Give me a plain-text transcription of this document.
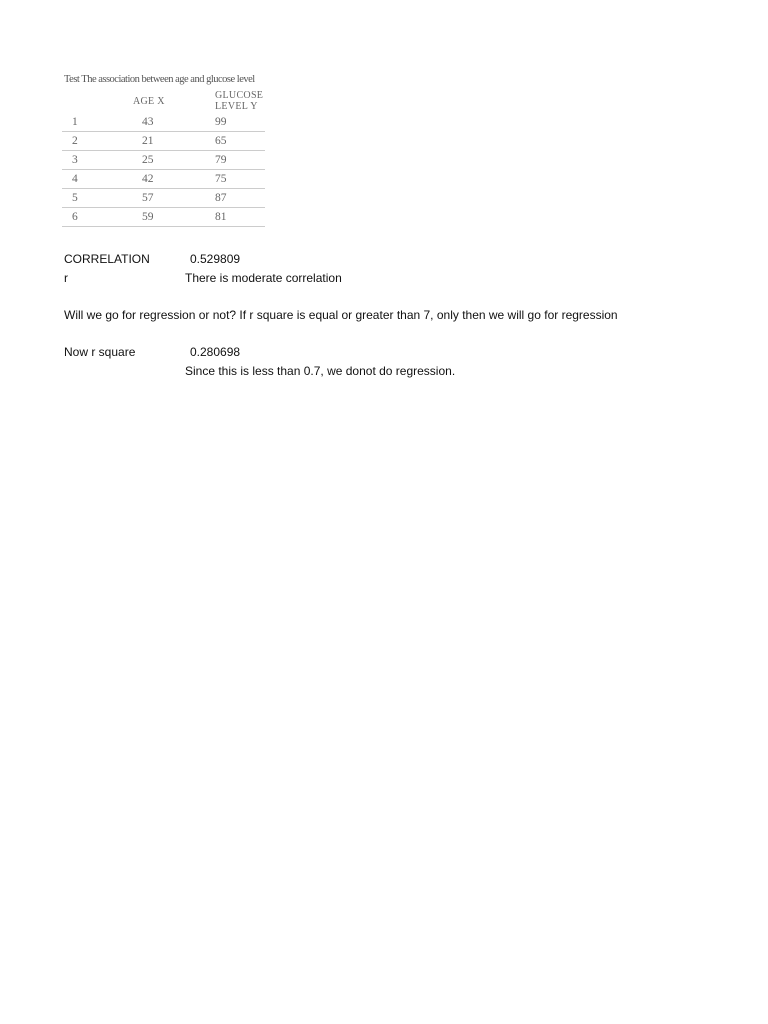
Test The association between age and glucose level
	AGE X	GLUCOSE
LEVEL Y
1	43	99
2	21	65
3	25	79
4	42	75
5	57	87
6	59	81
CORRELATION	0.529809
r	There is moderate correlation
Will we go for regression or not? If r square is equal or greater than 7, only then we will go for regression
Now r square	0.280698
Since this is less than 0.7, we donot do regression.
